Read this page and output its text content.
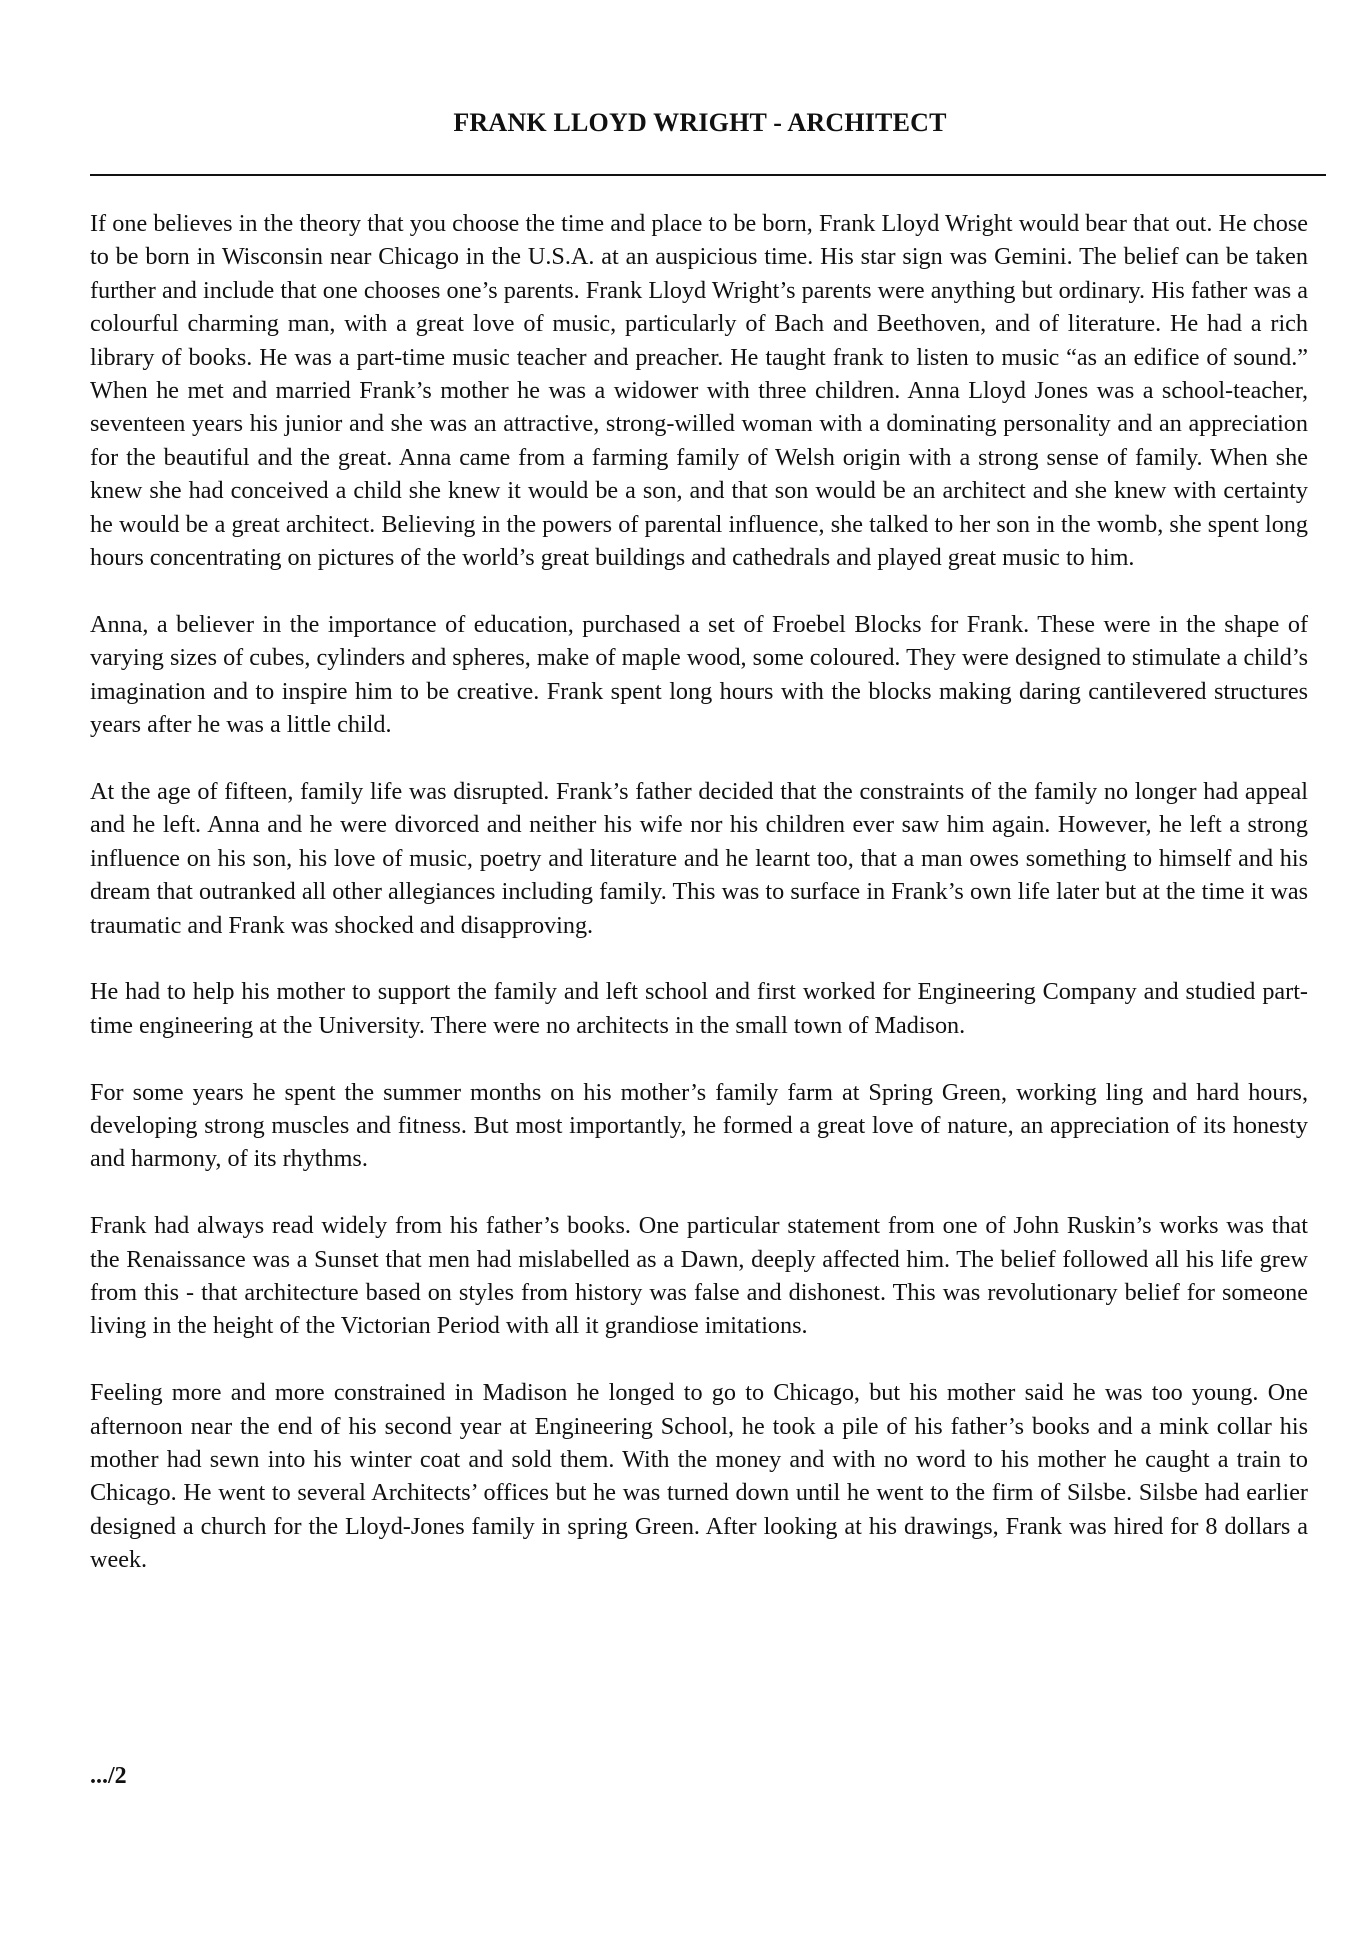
FRANK LLOYD WRIGHT - ARCHITECT

If one believes in the theory that you choose the time and place to be born, Frank Lloyd Wright would bear that out. He chose to be born in Wisconsin near Chicago in the U.S.A. at an auspicious time. His star sign was Gemini. The belief can be taken further and include that one chooses one’s parents. Frank Lloyd Wright’s parents were anything but ordinary. His father was a colourful charming man, with a great love of music, particularly of Bach and Beethoven, and of literature. He had a rich library of books. He was a part-time music teacher and preacher. He taught frank to listen to music “as an edifice of sound.” When he met and married Frank’s mother he was a widower with three children. Anna Lloyd Jones was a school-teacher, seventeen years his junior and she was an attractive, strong-willed woman with a dominating personality and an appreciation for the beautiful and the great. Anna came from a farming family of Welsh origin with a strong sense of family. When she knew she had conceived a child she knew it would be a son, and that son would be an architect and she knew with certainty he would be a great architect. Believing in the powers of parental influence, she talked to her son in the womb, she spent long hours concentrating on pictures of the world’s great buildings and cathedrals and played great music to him.

Anna, a believer in the importance of education, purchased a set of Froebel Blocks for Frank. These were in the shape of varying sizes of cubes, cylinders and spheres, make of maple wood, some coloured. They were designed to stimulate a child’s imagination and to inspire him to be creative. Frank spent long hours with the blocks making daring cantilevered structures years after he was a little child.

At the age of fifteen, family life was disrupted. Frank’s father decided that the constraints of the family no longer had appeal and he left. Anna and he were divorced and neither his wife nor his children ever saw him again. However, he left a strong influence on his son, his love of music, poetry and literature and he learnt too, that a man owes something to himself and his dream that outranked all other allegiances including family. This was to surface in Frank’s own life later but at the time it was traumatic and Frank was shocked and disapproving.

He had to help his mother to support the family and left school and first worked for Engineering Company and studied part-time engineering at the University. There were no architects in the small town of Madison.

For some years he spent the summer months on his mother’s family farm at Spring Green, working ling and hard hours, developing strong muscles and fitness. But most importantly, he formed a great love of nature, an appreciation of its honesty and harmony, of its rhythms.

Frank had always read widely from his father’s books. One particular statement from one of John Ruskin’s works was that the Renaissance was a Sunset that men had mislabelled as a Dawn, deeply affected him. The belief followed all his life grew from this - that architecture based on styles from history was false and dishonest. This was revolutionary belief for someone living in the height of the Victorian Period with all it grandiose imitations.

Feeling more and more constrained in Madison he longed to go to Chicago, but his mother said he was too young. One afternoon near the end of his second year at Engineering School, he took a pile of his father’s books and a mink collar his mother had sewn into his winter coat and sold them. With the money and with no word to his mother he caught a train to Chicago. He went to several Architects’ offices but he was turned down until he went to the firm of Silsbe. Silsbe had earlier designed a church for the Lloyd-Jones family in spring Green. After looking at his drawings, Frank was hired for 8 dollars a week.

.../2
